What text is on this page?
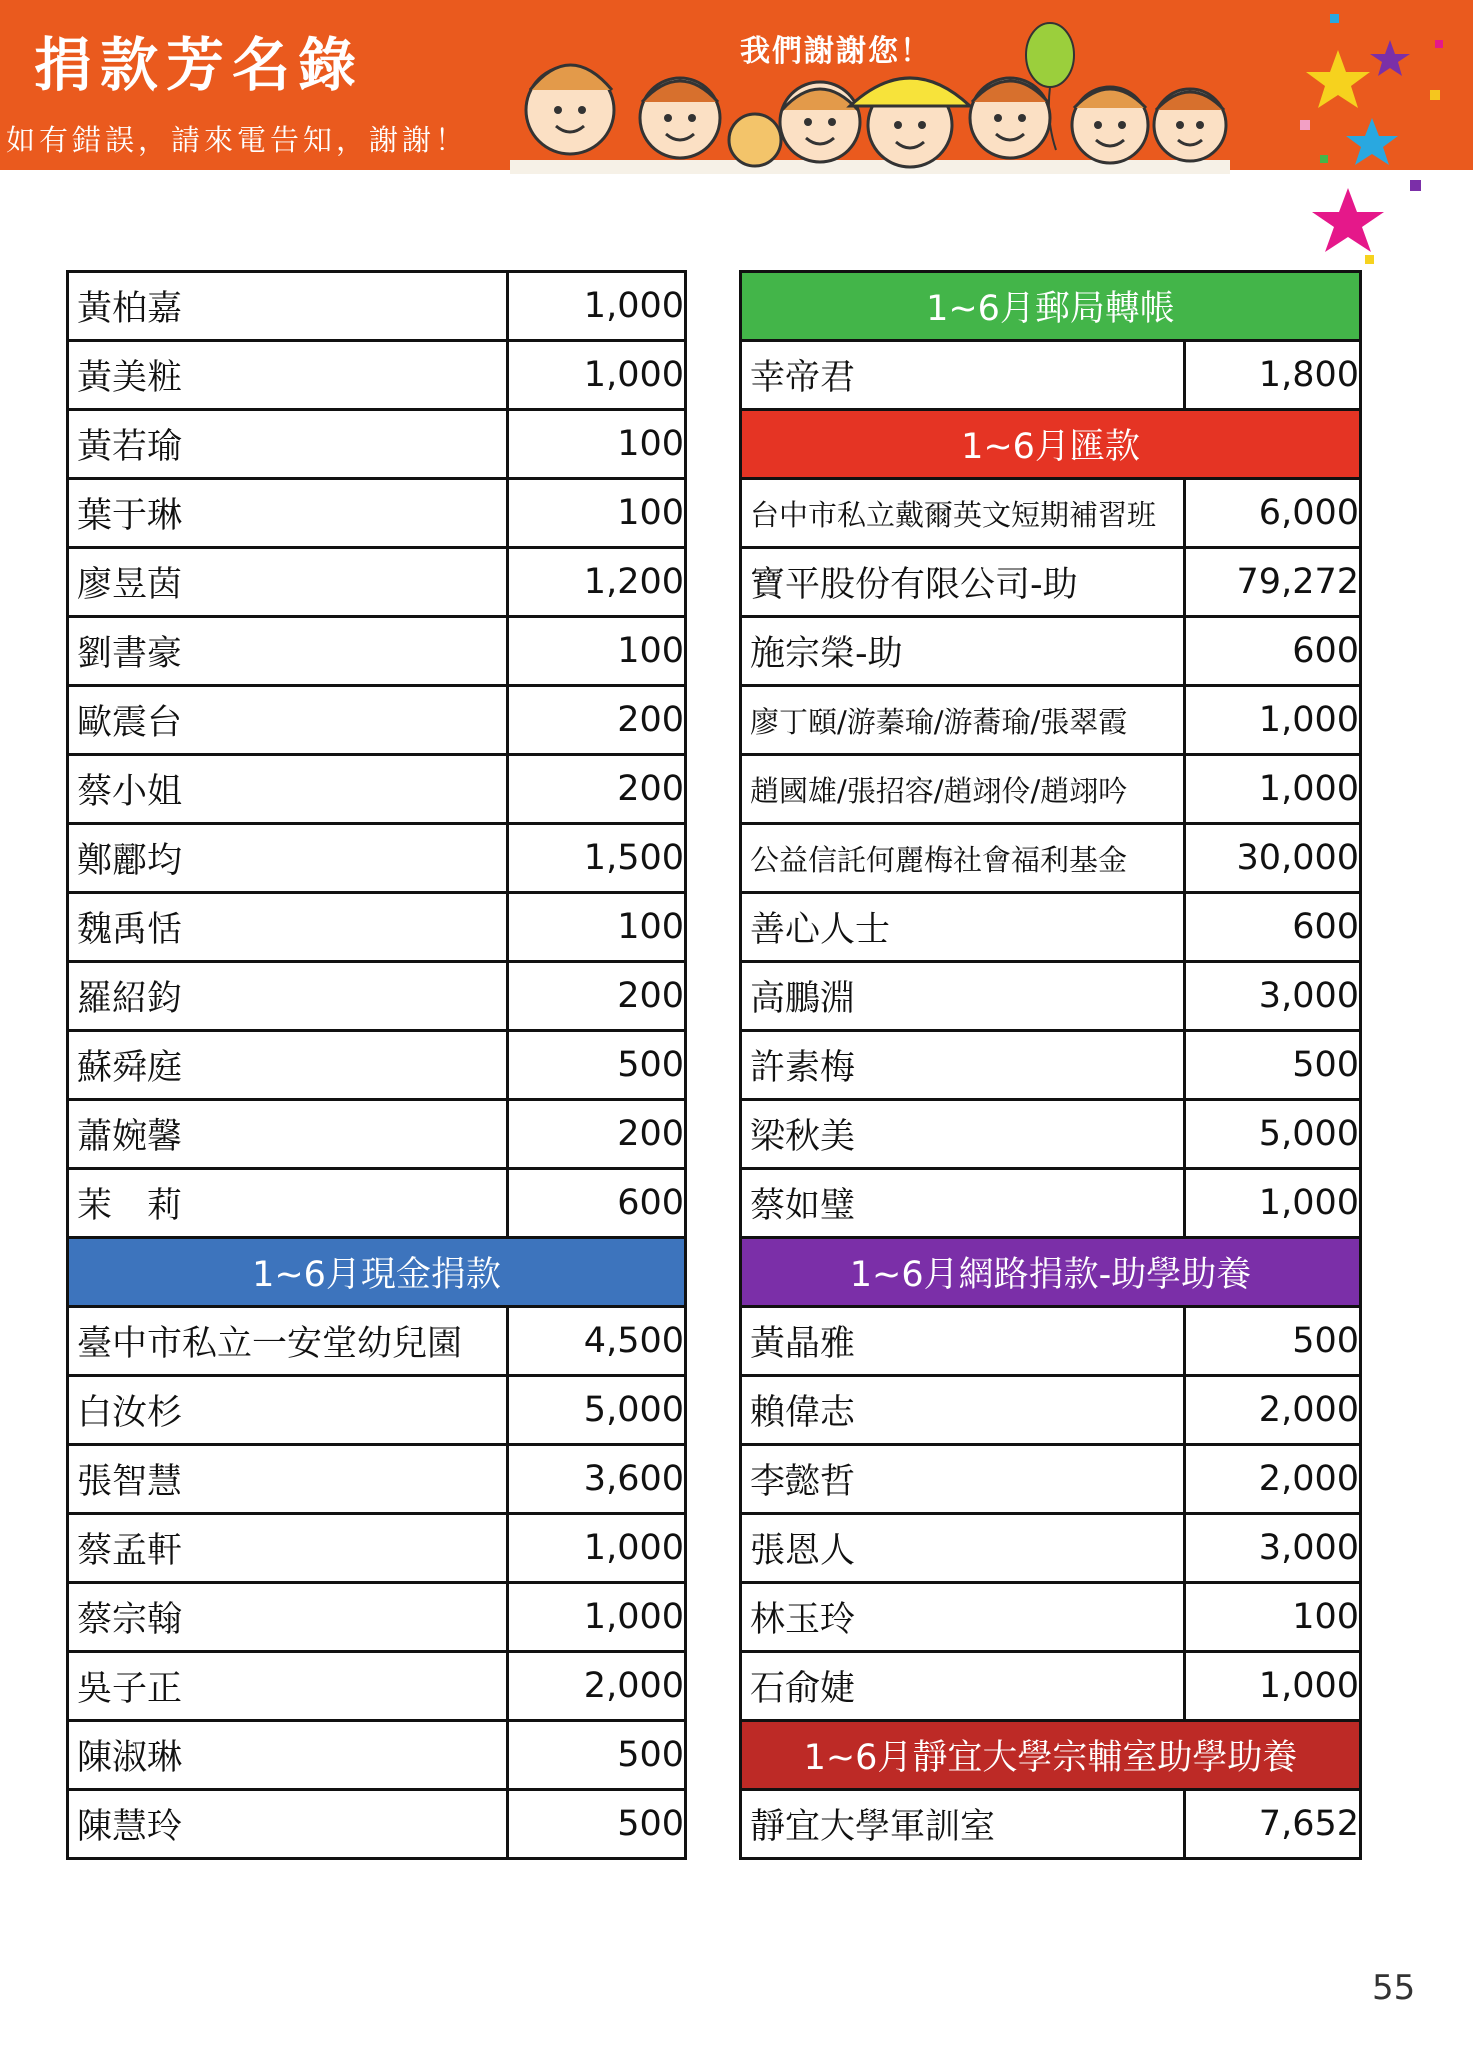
捐款芳名錄
如有錯誤，請來電告知，謝謝！
我們謝謝您！
黃柏嘉	1,000
黃美粧	1,000
黃若瑜	100
葉于琳	100
廖昱茵	1,200
劉書豪	100
歐震台	200
蔡小姐	200
鄭酈均	1,500
魏禹恬	100
羅紹鈞	200
蘇舜庭	500
蕭婉馨	200
茉　莉	600
1~6月現金捐款	
臺中市私立一安堂幼兒園	4,500
白汝杉	5,000
張智慧	3,600
蔡孟軒	1,000
蔡宗翰	1,000
吳子正	2,000
陳淑琳	500
陳慧玲	500
1~6月郵局轉帳	
幸帝君	1,800
1~6月匯款	
台中市私立戴爾英文短期補習班	6,000
寶平股份有限公司-助	79,272
施宗榮-助	600
廖丁頤/游蓁瑜/游蕎瑜/張翠霞	1,000
趙國雄/張招容/趙翊伶/趙翊吟	1,000
公益信託何麗梅社會福利基金	30,000
善心人士	600
高鵬淵	3,000
許素梅	500
梁秋美	5,000
蔡如璧	1,000
1~6月網路捐款-助學助養	
黃晶雅	500
賴偉志	2,000
李懿哲	2,000
張恩人	3,000
林玉玲	100
石俞婕	1,000
1~6月靜宜大學宗輔室助學助養	
靜宜大學軍訓室	7,652
55
